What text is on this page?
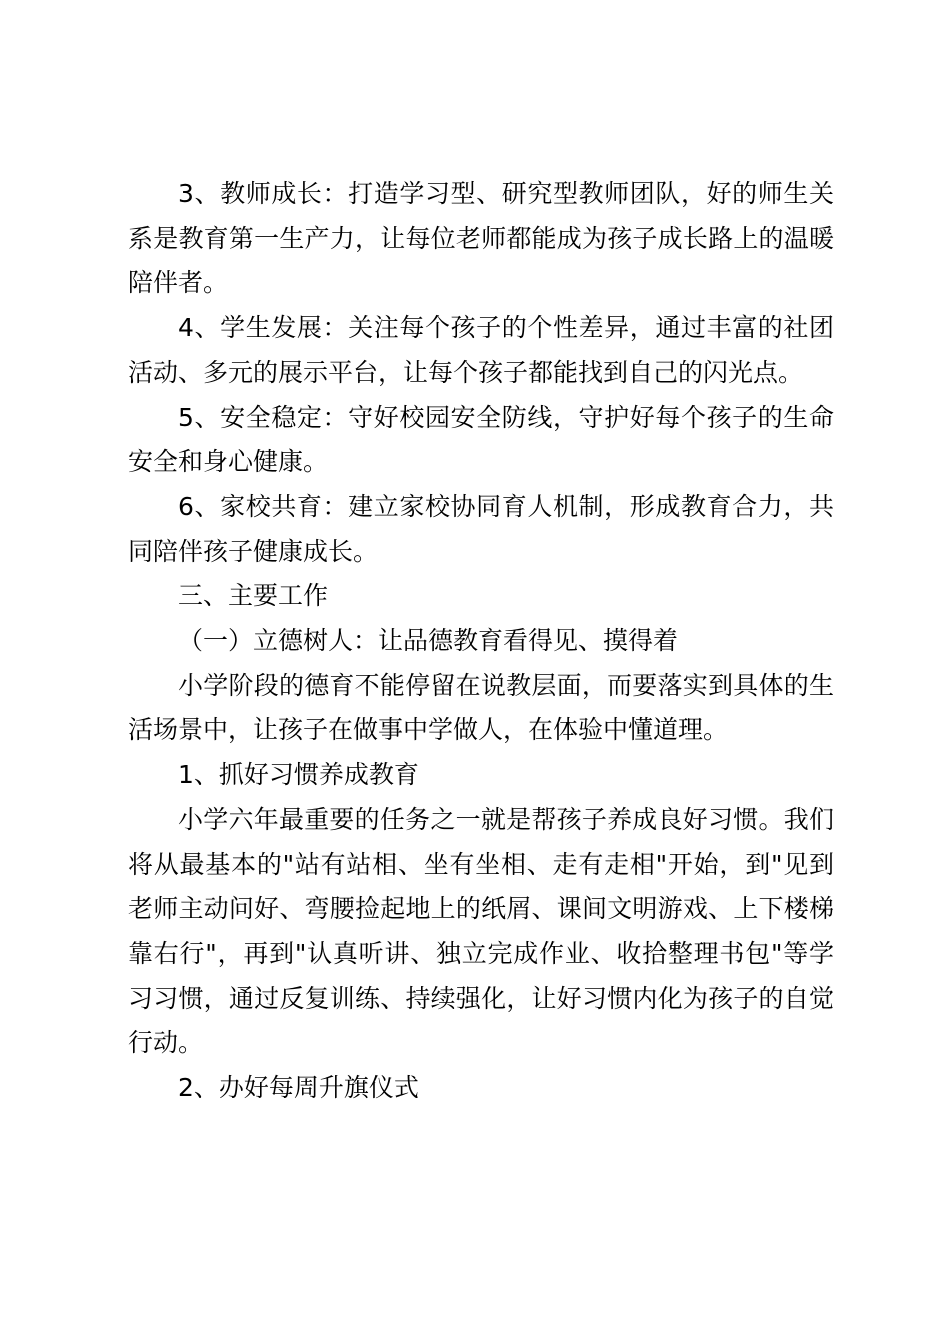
3、教师成长：打造学习型、研究型教师团队，好的师生关系是教育第一生产力，让每位老师都能成为孩子成长路上的温暖陪伴者。

4、学生发展：关注每个孩子的个性差异，通过丰富的社团活动、多元的展示平台，让每个孩子都能找到自己的闪光点。

5、安全稳定：守好校园安全防线，守护好每个孩子的生命安全和身心健康。

6、家校共育：建立家校协同育人机制，形成教育合力，共同陪伴孩子健康成长。

三、主要工作

（一）立德树人：让品德教育看得见、摸得着

小学阶段的德育不能停留在说教层面，而要落实到具体的生活场景中，让孩子在做事中学做人，在体验中懂道理。

1、抓好习惯养成教育

小学六年最重要的任务之一就是帮孩子养成良好习惯。我们将从最基本的"站有站相、坐有坐相、走有走相"开始，到"见到老师主动问好、弯腰捡起地上的纸屑、课间文明游戏、上下楼梯靠右行"，再到"认真听讲、独立完成作业、收拾整理书包"等学习习惯，通过反复训练、持续强化，让好习惯内化为孩子的自觉行动。

2、办好每周升旗仪式
